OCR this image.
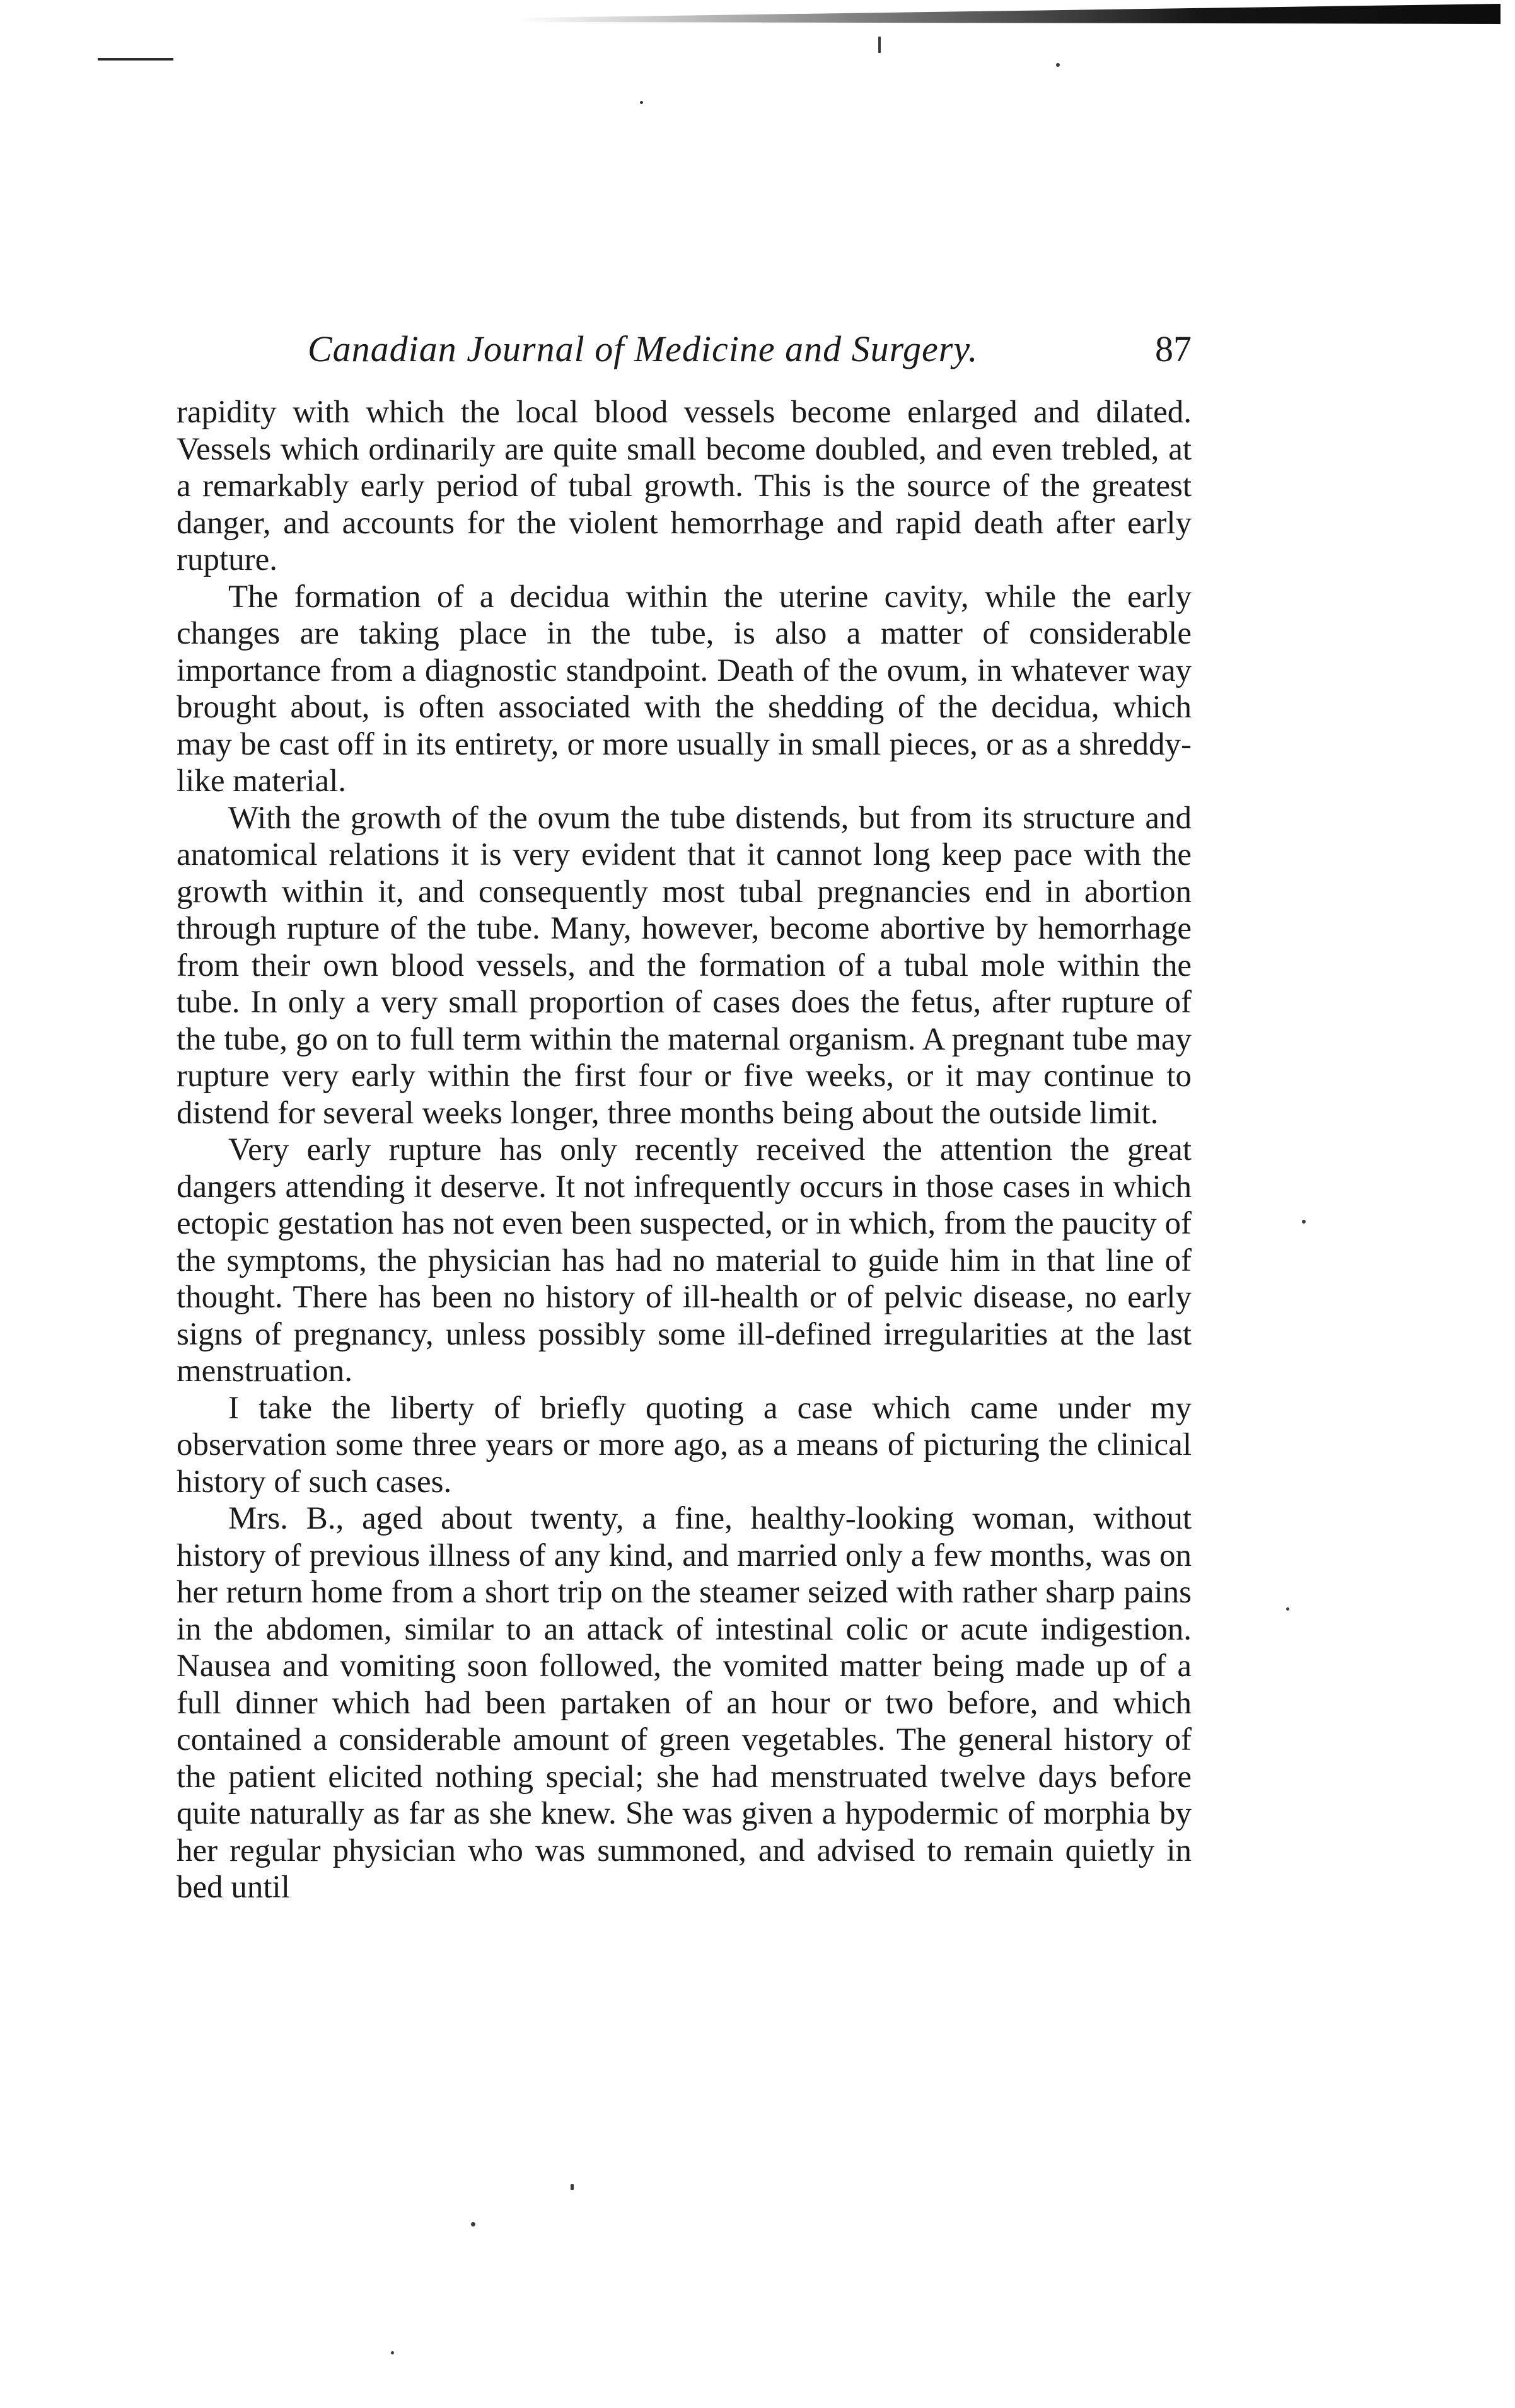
Canadian Journal of Medicine and Surgery.	87

rapidity with which the local blood vessels become enlarged and dilated. Vessels which ordinarily are quite small become doubled, and even trebled, at a remarkably early period of tubal growth. This is the source of the greatest danger, and accounts for the violent hemorrhage and rapid death after early rupture.

The formation of a decidua within the uterine cavity, while the early changes are taking place in the tube, is also a matter of considerable importance from a diagnostic standpoint. Death of the ovum, in whatever way brought about, is often associated with the shedding of the decidua, which may be cast off in its entirety, or more usually in small pieces, or as a shreddy-like material.

With the growth of the ovum the tube distends, but from its structure and anatomical relations it is very evident that it cannot long keep pace with the growth within it, and consequently most tubal pregnancies end in abortion through rupture of the tube. Many, however, become abortive by hemorrhage from their own blood vessels, and the formation of a tubal mole within the tube. In only a very small proportion of cases does the fetus, after rupture of the tube, go on to full term within the maternal organism. A pregnant tube may rupture very early within the first four or five weeks, or it may continue to distend for several weeks longer, three months being about the outside limit.

Very early rupture has only recently received the attention the great dangers attending it deserve. It not infrequently occurs in those cases in which ectopic gestation has not even been suspected, or in which, from the paucity of the symptoms, the physician has had no material to guide him in that line of thought. There has been no history of ill-health or of pelvic disease, no early signs of pregnancy, unless possibly some ill-defined irregularities at the last menstruation.

I take the liberty of briefly quoting a case which came under my observation some three years or more ago, as a means of picturing the clinical history of such cases.

Mrs. B., aged about twenty, a fine, healthy-looking woman, without history of previous illness of any kind, and married only a few months, was on her return home from a short trip on the steamer seized with rather sharp pains in the abdomen, similar to an attack of intestinal colic or acute indigestion. Nausea and vomiting soon followed, the vomited matter being made up of a full dinner which had been partaken of an hour or two before, and which contained a considerable amount of green vegetables. The general history of the patient elicited nothing special; she had menstruated twelve days before quite naturally as far as she knew. She was given a hypodermic of morphia by her regular physician who was summoned, and advised to remain quietly in bed until
